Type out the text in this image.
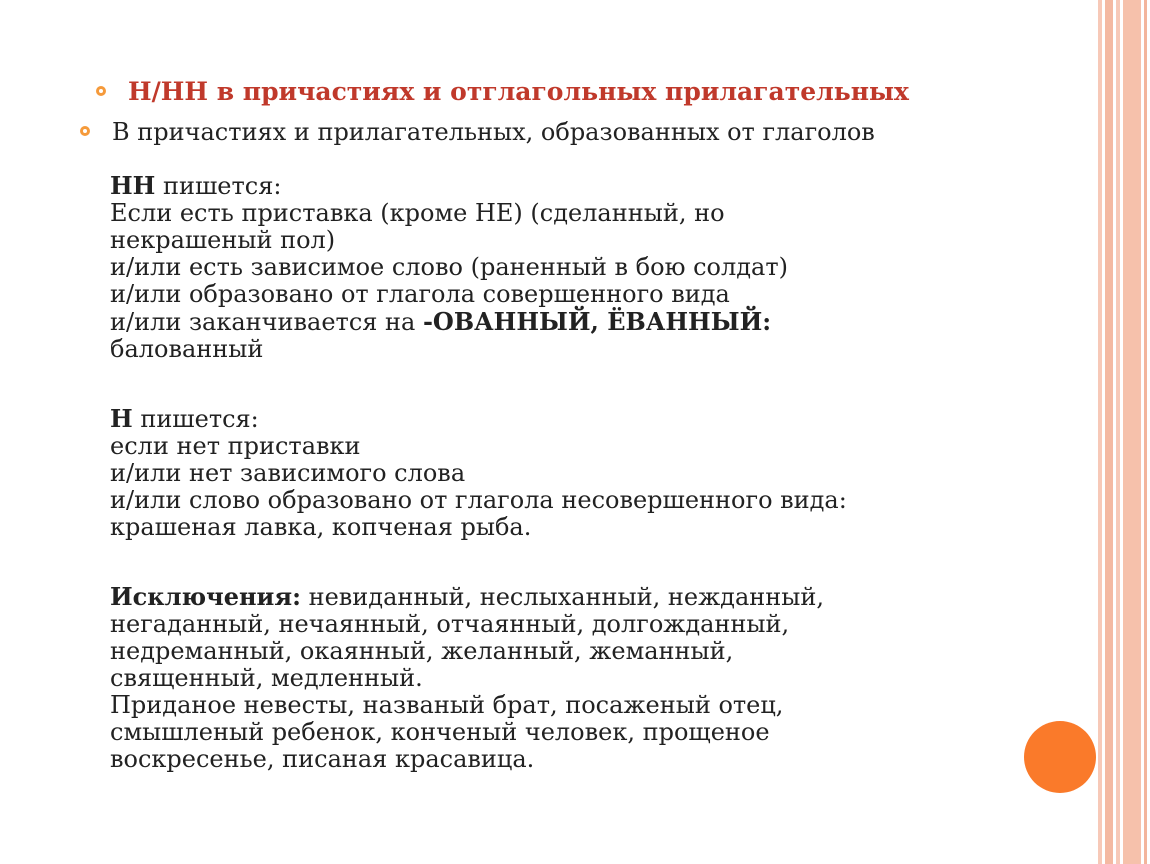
Н/НН в причастиях и отглагольных прилагательных
В причастиях и прилагательных, образованных от глаголов
НН пишется:
Если есть приставка (кроме НЕ) (сделанный, но
некрашеный пол)
и/или есть зависимое слово (раненный в бою солдат)
и/или образовано от глагола совершенного вида
и/или заканчивается на -ОВАННЫЙ, ЁВАННЫЙ:
балованный
Н пишется:
если нет приставки
и/или нет зависимого слова
и/или слово образовано от глагола несовершенного вида:
крашеная лавка, копченая рыба.
Исключения: невиданный, неслыханный, нежданный,
негаданный, нечаянный, отчаянный, долгожданный,
недреманный, окаянный, желанный, жеманный,
священный, медленный.
Приданое невесты, названый брат, посаженый отец,
смышленый ребенок, конченый человек, прощеное
воскресенье, писаная красавица.
